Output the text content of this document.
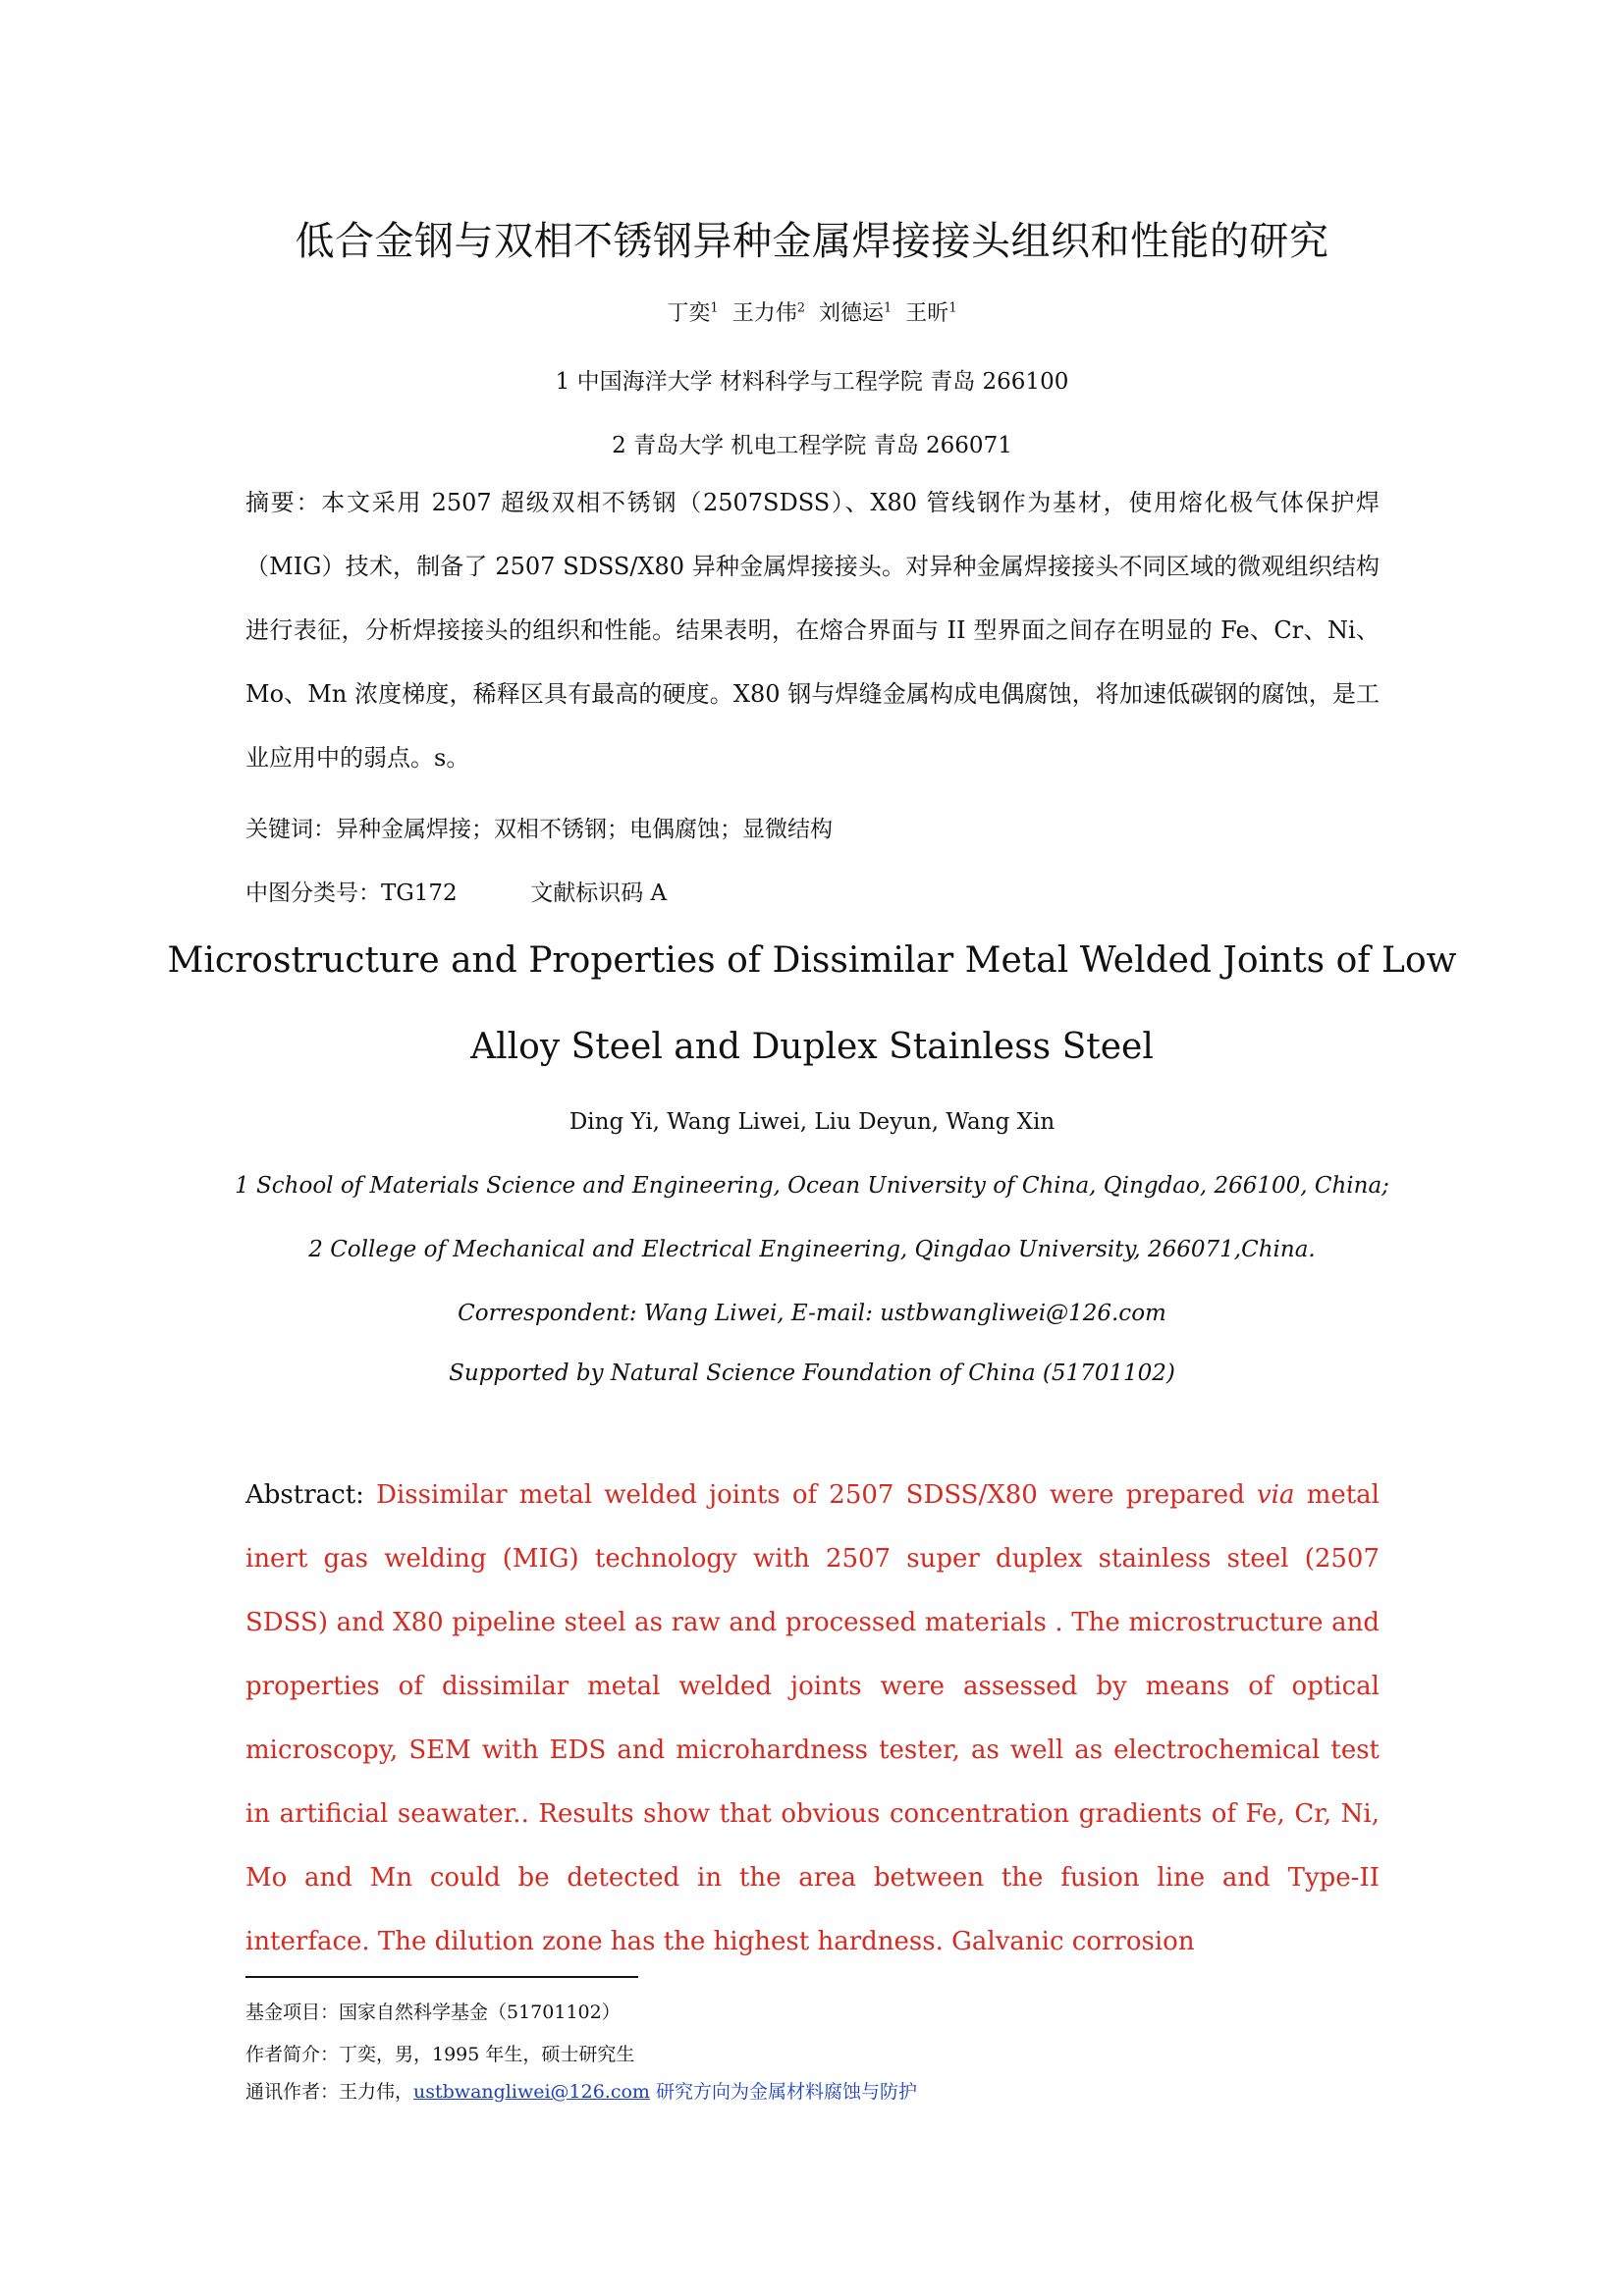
低合金钢与双相不锈钢异种金属焊接接头组织和性能的研究
丁奕$^1$ 王力伟$^2$ 刘德运$^1$ 王昕$^1$
1 中国海洋大学 材料科学与工程学院 青岛 266100
2 青岛大学 机电工程学院 青岛 266071
摘要：本文采用 2507 超级双相不锈钢（2507SDSS）、X80 管线钢作为基材，使用熔化极气体保护焊（MIG）技术，制备了 2507 SDSS/X80 异种金属焊接接头。对异种金属焊接接头不同区域的微观组织结构进行表征，分析焊接接头的组织和性能。结果表明，在熔合界面与 II 型界面之间存在明显的 Fe、Cr、Ni、Mo、Mn 浓度梯度，稀释区具有最高的硬度。X80 钢与焊缝金属构成电偶腐蚀，将加速低碳钢的腐蚀，是工业应用中的弱点。s。
关键词：异种金属焊接；双相不锈钢；电偶腐蚀；显微结构
中图分类号：TG172	文献标识码 A
Microstructure and Properties of Dissimilar Metal Welded Joints of Low
Alloy Steel and Duplex Stainless Steel
Ding Yi, Wang Liwei, Liu Deyun, Wang Xin
1 School of Materials Science and Engineering, Ocean University of China, Qingdao, 266100, China;
2 College of Mechanical and Electrical Engineering, Qingdao University, 266071,China.
Correspondent: Wang Liwei, E-mail: ustbwangliwei@126.com
Supported by Natural Science Foundation of China (51701102)
Abstract: Dissimilar metal welded joints of 2507 SDSS/X80 were prepared via metal inert gas welding (MIG) technology with 2507 super duplex stainless steel (2507 SDSS) and X80 pipeline steel as raw and processed materials . The microstructure and properties of dissimilar metal welded joints were assessed by means of optical microscopy, SEM with EDS and microhardness tester, as well as electrochemical test in artificial seawater.. Results show that obvious concentration gradients of Fe, Cr, Ni, Mo and Mn could be detected in the area between the fusion line and Type-II interface. The dilution zone has the highest hardness. Galvanic corrosion
基金项目：国家自然科学基金（51701102）
作者简介：丁奕，男，1995 年生，硕士研究生
通讯作者：王力伟，ustbwangliwei@126.com 研究方向为金属材料腐蚀与防护
